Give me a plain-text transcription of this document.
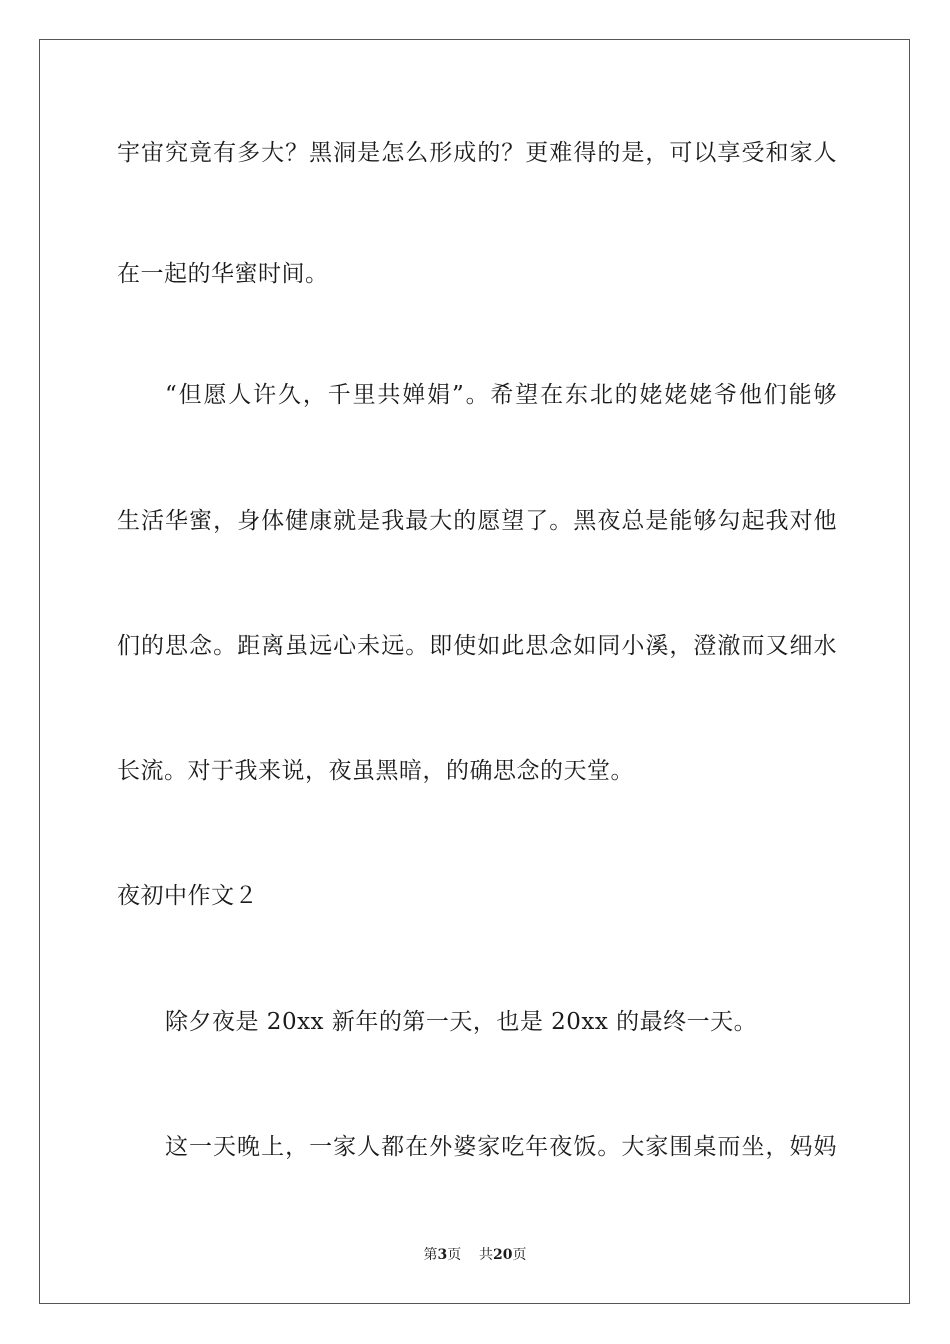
宇宙究竟有多大？黑洞是怎么形成的？更难得的是，可以享受和家人
在一起的华蜜时间。
“但愿人许久，千里共婵娟”。希望在东北的姥姥姥爷他们能够
生活华蜜，身体健康就是我最大的愿望了。黑夜总是能够勾起我对他
们的思念。距离虽远心未远。即使如此思念如同小溪，澄澈而又细水
长流。对于我来说，夜虽黑暗，的确思念的天堂。
夜初中作文２
除夕夜是 20xx 新年的第一天，也是 20xx 的最终一天。
这一天晚上，一家人都在外婆家吃年夜饭。大家围桌而坐，妈妈
第3页 共20页
